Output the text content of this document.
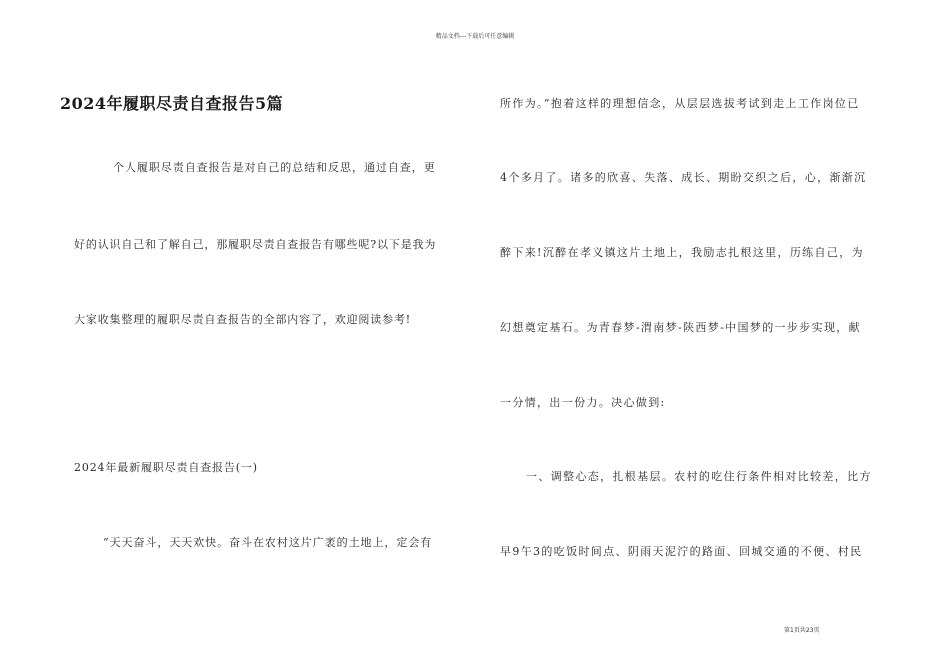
精品文档---下载后可任意编辑
2024年履职尽责自查报告5篇
个人履职尽责自查报告是对自己的总结和反思，通过自查，更
好的认识自己和了解自己，那履职尽责自查报告有哪些呢?以下是我为
大家收集整理的履职尽责自查报告的全部内容了，欢迎阅读参考!
2024年最新履职尽责自查报告(一)
“天天奋斗，天天欢快。奋斗在农村这片广袤的土地上，定会有
所作为。”抱着这样的理想信念，从层层选拔考试到走上工作岗位已
4个多月了。诸多的欣喜、失落、成长、期盼交织之后，心，渐渐沉
醉下来!沉醉在孝义镇这片土地上，我励志扎根这里，历练自己，为
幻想奠定基石。为青春梦-渭南梦-陕西梦-中国梦的一步步实现，献
一分情，出一份力。决心做到:
一、调整心态，扎根基层。农村的吃住行条件相对比较差，比方
早9午3的吃饭时间点、阴雨天泥泞的路面、回城交通的不便、村民
第1页共23页
